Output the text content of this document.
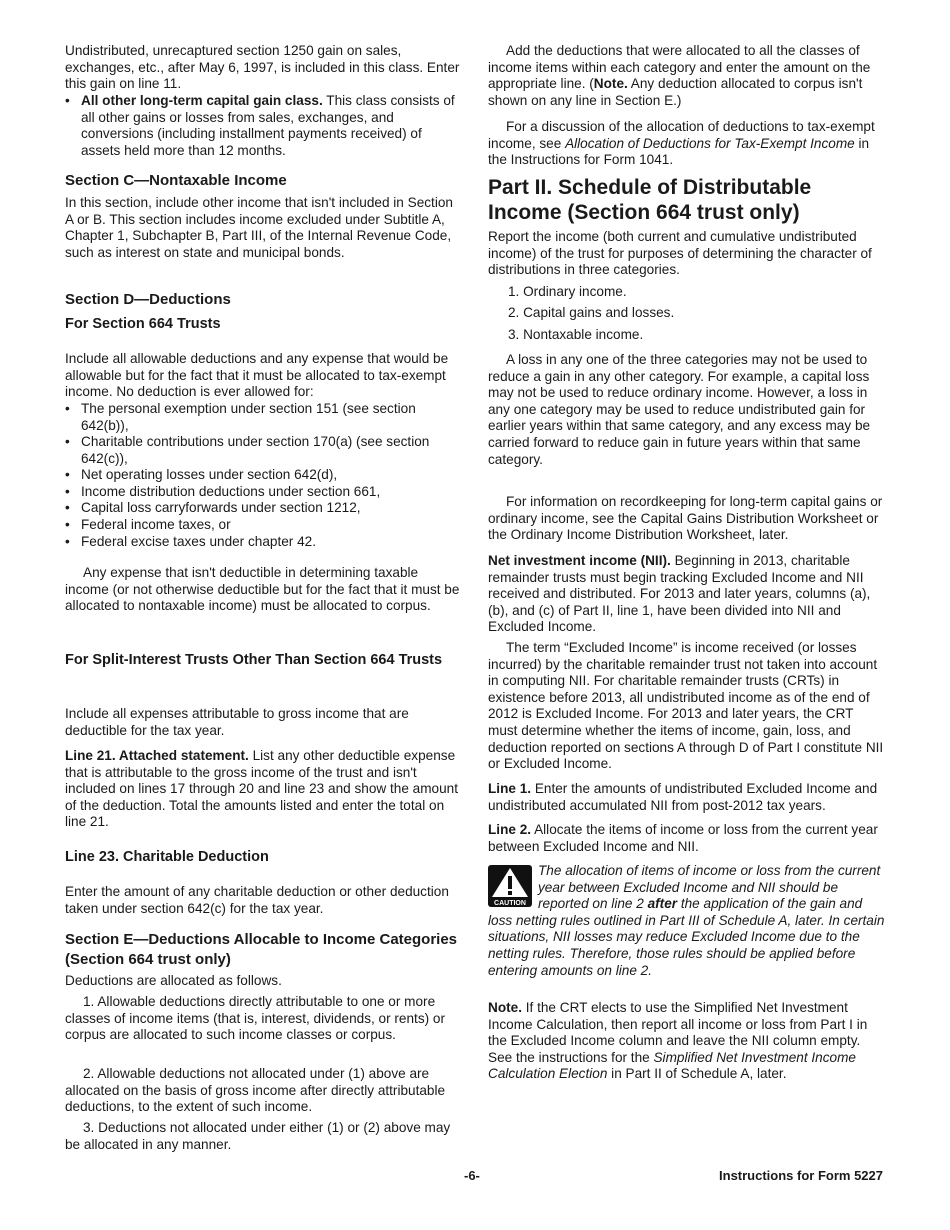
Undistributed, unrecaptured section 1250 gain on sales, exchanges, etc., after May 6, 1997, is included in this class. Enter this gain on line 11.
• All other long-term capital gain class. This class consists of all other gains or losses from sales, exchanges, and conversions (including installment payments received) of assets held more than 12 months.
Section C—Nontaxable Income
In this section, include other income that isn't included in Section A or B. This section includes income excluded under Subtitle A, Chapter 1, Subchapter B, Part III, of the Internal Revenue Code, such as interest on state and municipal bonds.
Section D—Deductions
For Section 664 Trusts
Include all allowable deductions and any expense that would be allowable but for the fact that it must be allocated to tax-exempt income. No deduction is ever allowed for:
• The personal exemption under section 151 (see section 642(b)),
• Charitable contributions under section 170(a) (see section 642(c)),
• Net operating losses under section 642(d),
• Income distribution deductions under section 661,
• Capital loss carryforwards under section 1212,
• Federal income taxes, or
• Federal excise taxes under chapter 42.
Any expense that isn't deductible in determining taxable income (or not otherwise deductible but for the fact that it must be allocated to nontaxable income) must be allocated to corpus.
For Split-Interest Trusts Other Than Section 664 Trusts
Include all expenses attributable to gross income that are deductible for the tax year.
Line 21. Attached statement. List any other deductible expense that is attributable to the gross income of the trust and isn't included on lines 17 through 20 and line 23 and show the amount of the deduction. Total the amounts listed and enter the total on line 21.
Line 23. Charitable Deduction
Enter the amount of any charitable deduction or other deduction taken under section 642(c) for the tax year.
Section E—Deductions Allocable to Income Categories (Section 664 trust only)
Deductions are allocated as follows.
1. Allowable deductions directly attributable to one or more classes of income items (that is, interest, dividends, or rents) or corpus are allocated to such income classes or corpus.
2. Allowable deductions not allocated under (1) above are allocated on the basis of gross income after directly attributable deductions, to the extent of such income.
3. Deductions not allocated under either (1) or (2) above may be allocated in any manner.
Add the deductions that were allocated to all the classes of income items within each category and enter the amount on the appropriate line. (Note. Any deduction allocated to corpus isn't shown on any line in Section E.)
For a discussion of the allocation of deductions to tax-exempt income, see Allocation of Deductions for Tax-Exempt Income in the Instructions for Form 1041.
Part II. Schedule of Distributable Income (Section 664 trust only)
Report the income (both current and cumulative undistributed income) of the trust for purposes of determining the character of distributions in three categories.
1. Ordinary income.
2. Capital gains and losses.
3. Nontaxable income.
A loss in any one of the three categories may not be used to reduce a gain in any other category. For example, a capital loss may not be used to reduce ordinary income. However, a loss in any one category may be used to reduce undistributed gain for earlier years within that same category, and any excess may be carried forward to reduce gain in future years within that same category.
For information on recordkeeping for long-term capital gains or ordinary income, see the Capital Gains Distribution Worksheet or the Ordinary Income Distribution Worksheet, later.
Net investment income (NII). Beginning in 2013, charitable remainder trusts must begin tracking Excluded Income and NII received and distributed. For 2013 and later years, columns (a), (b), and (c) of Part II, line 1, have been divided into NII and Excluded Income.
The term “Excluded Income” is income received (or losses incurred) by the charitable remainder trust not taken into account in computing NII. For charitable remainder trusts (CRTs) in existence before 2013, all undistributed income as of the end of 2012 is Excluded Income. For 2013 and later years, the CRT must determine whether the items of income, gain, loss, and deduction reported on sections A through D of Part I constitute NII or Excluded Income.
Line 1. Enter the amounts of undistributed Excluded Income and undistributed accumulated NII from post-2012 tax years.
Line 2. Allocate the items of income or loss from the current year between Excluded Income and NII.
CAUTION
The allocation of items of income or loss from the current year between Excluded Income and NII should be reported on line 2 after the application of the gain and loss netting rules outlined in Part III of Schedule A, later. In certain situations, NII losses may reduce Excluded Income due to the netting rules. Therefore, those rules should be applied before entering amounts on line 2.
Note. If the CRT elects to use the Simplified Net Investment Income Calculation, then report all income or loss from Part I in the Excluded Income column and leave the NII column empty. See the instructions for the Simplified Net Investment Income Calculation Election in Part II of Schedule A, later.
-6-	Instructions for Form 5227
